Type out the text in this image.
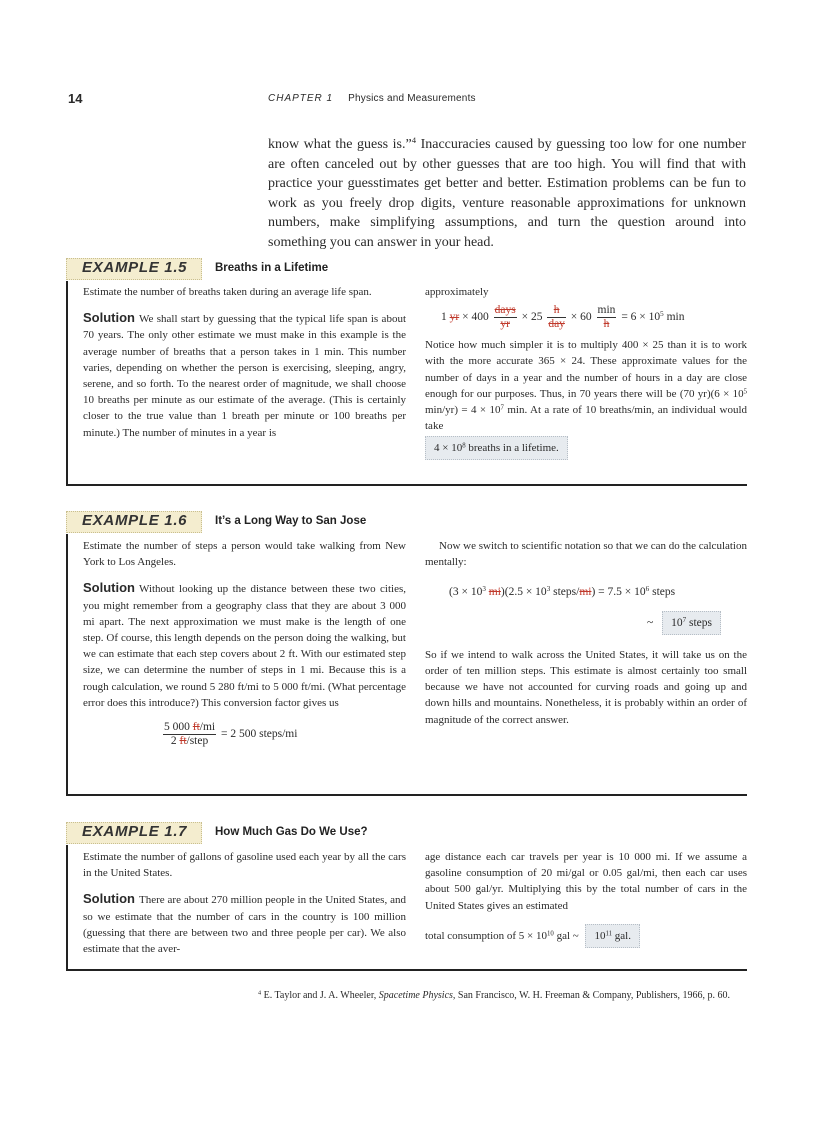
14	CHAPTER 1 Physics and Measurements
know what the guess is.”$^4$ Inaccuracies caused by guessing too low for one number are often canceled out by other guesses that are too high. You will find that with practice your guesstimates get better and better. Estimation problems can be fun to work as you freely drop digits, venture reasonable approximations for unknown numbers, make simplifying assumptions, and turn the question around into something you can answer in your head.
EXAMPLE 1.5 Breaths in a Lifetime

Estimate the number of breaths taken during an average life span.

Solution We shall start by guessing that the typical life span is about 70 years. The only other estimate we must make in this example is the average number of breaths that a person takes in 1 min. This number varies, depending on whether the person is exercising, sleeping, angry, serene, and so forth. To the nearest order of magnitude, we shall choose 10 breaths per minute as our estimate of the average. (This is certainly closer to the true value than 1 breath per minute or 100 breaths per minute.) The number of minutes in a year is

approximately

1 yr × $400 \frac{\text{days}}{yr} \times 25 \frac{h}{\text{day}} \times 60 \frac{\min}{h} = 6 \times 10^5$ min

Notice how much simpler it is to multiply 400 × 25 than it is to work with the more accurate 365 × 24. These approximate values for the number of days in a year and the number of hours in a day are close enough for our purposes. Thus, in 70 years there will be (70 $yr)(6 \times 10^5$ $\min/yr) = 4 \times 10^7$ min. At a rate of 10 breaths/min, an individual would take

$4 \times 10^8$ breaths in a lifetime.
EXAMPLE 1.6 It’s a Long Way to San Jose

Estimate the number of steps a person would take walking from New York to Los Angeles.

Solution Without looking up the distance between these two cities, you might remember from a geography class that they are about 3 000 mi apart. The next approximation we must make is the length of one step. Of course, this length depends on the person doing the walking, but we can estimate that each step covers about 2 ft. With our estimated step size, we can determine the number of steps in 1 mi. Because this is a rough calculation, we round 5 280 ft/mi to 5 000 ft/mi. (What percentage error does this introduce?) This conversion factor gives us

$\frac{5 000 ft/mi}{\text{2 ft/step}} = 2$ 500 steps/mi

Now we switch to scientific notation so that we can do the calculation mentally:

($3 \times 10^3$ $mi)(2.5 \times 10^3$ steps/mi) = $7.5 \times 10^6$ steps
~ $10^7$ steps

So if we intend to walk across the United States, it will take us on the order of ten million steps. This estimate is almost certainly too small because we have not accounted for curving roads and going up and down hills and mountains. Nonetheless, it is probably within an order of magnitude of the correct answer.

EXAMPLE 1.7 How Much Gas Do We Use?

Estimate the number of gallons of gasoline used each year by all the cars in the United States.

Solution There are about 270 million people in the United States, and so we estimate that the number of cars in the country is 100 million (guessing that there are between two and three people per car). We also estimate that the aver-

age distance each car travels per year is 10 000 mi. If we assume a gasoline consumption of 20 mi/gal or 0.05 gal/mi, then each car uses about 500 gal/yr. Multiplying this by the total number of cars in the United States gives an estimated

total consumption of $5 \times 10^{10}$ gal ~ $10^{11}$ gal.
$^4$ E. Taylor and J. A. Wheeler, Spacetime Physics, San Francisco, W. H. Freeman & Company, Publishers, 1966, p. 60.
